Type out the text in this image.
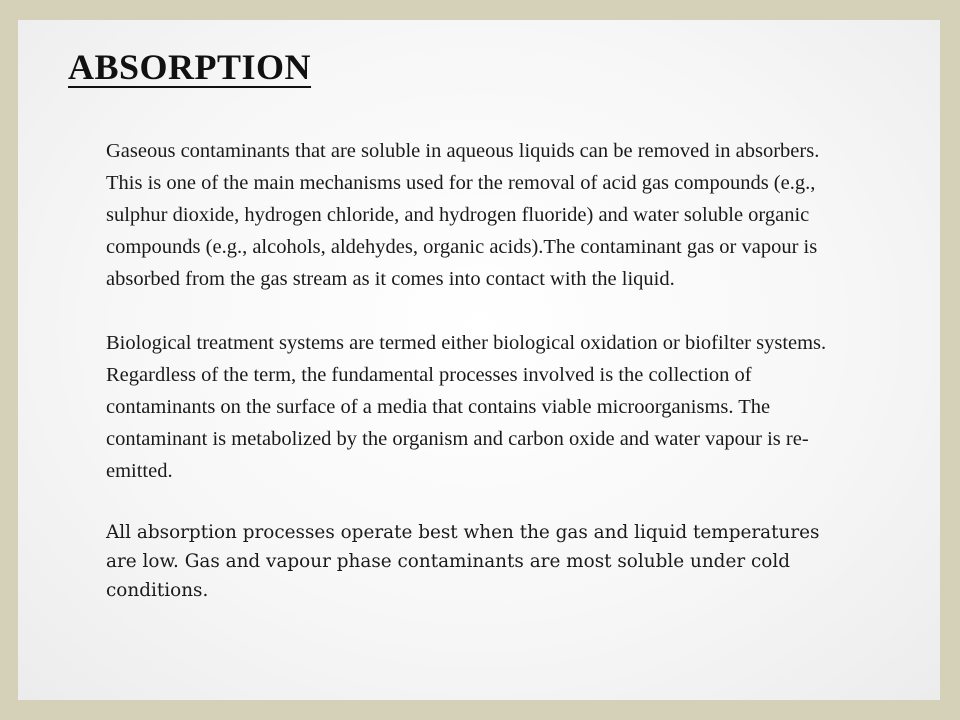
ABSORPTION

Gaseous contaminants that are soluble in aqueous liquids can be removed in absorbers. This is one of the main mechanisms used for the removal of acid gas compounds (e.g., sulphur dioxide, hydrogen chloride, and hydrogen fluoride) and water soluble organic compounds (e.g., alcohols, aldehydes, organic acids).The contaminant gas or vapour is absorbed from the gas stream as it comes into contact with the liquid.

Biological treatment systems are termed either biological oxidation or biofilter systems. Regardless of the term, the fundamental processes involved is the collection of contaminants on the surface of a media that contains viable microorganisms. The contaminant is metabolized by the organism and carbon oxide and water vapour is re-emitted.

All absorption processes operate best when the gas and liquid temperatures are low. Gas and vapour phase contaminants are most soluble under cold conditions.
